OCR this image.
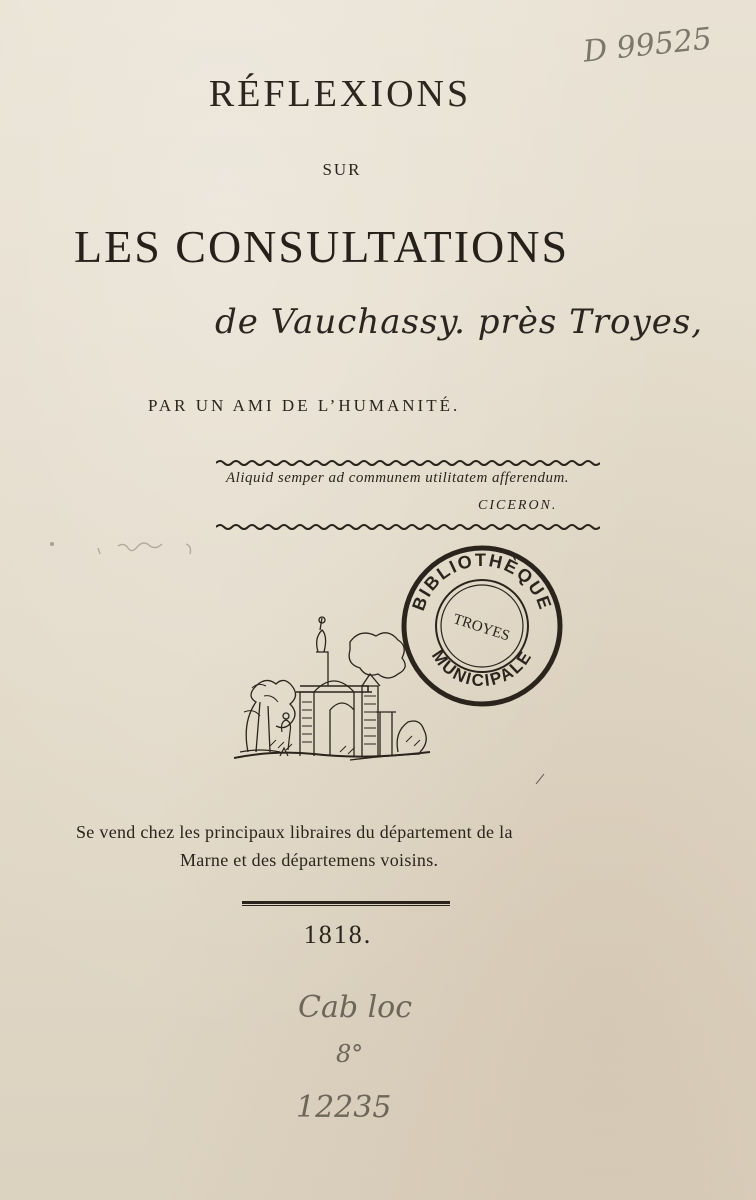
D 99525
RÉFLEXIONS
SUR
LES CONSULTATIONS
de Vauchassy. près Troyes,
PAR UN AMI DE L’HUMANITÉ.
Aliquid semper ad communem utilitatem afferendum.
CICERON.
BIBLIOTHÈQUE
MUNICIPALE
TROYES
Se vend chez les principaux libraires du département de la
Marne et des départemens voisins.
1818.
Cab loc
8°
12235
